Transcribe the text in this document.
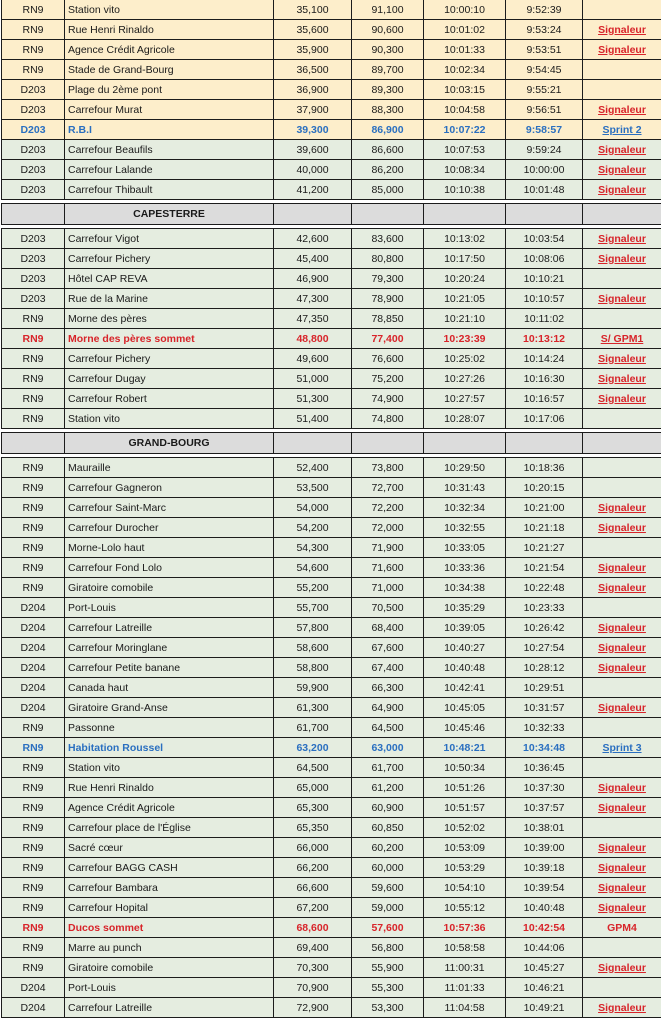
RN9	Station vito	35,100	91,100	10:00:10	9:52:39	
RN9	Rue Henri Rinaldo	35,600	90,600	10:01:02	9:53:24	Signaleur
RN9	Agence Crédit Agricole	35,900	90,300	10:01:33	9:53:51	Signaleur
RN9	Stade de Grand-Bourg	36,500	89,700	10:02:34	9:54:45	
D203	Plage du 2ème pont	36,900	89,300	10:03:15	9:55:21	
D203	Carrefour Murat	37,900	88,300	10:04:58	9:56:51	Signaleur
D203	R.B.I	39,300	86,900	10:07:22	9:58:57	Sprint 2
D203	Carrefour Beaufils	39,600	86,600	10:07:53	9:59:24	Signaleur
D203	Carrefour Lalande	40,000	86,200	10:08:34	10:00:00	Signaleur
D203	Carrefour Thibault	41,200	85,000	10:10:38	10:01:48	Signaleur

	CAPESTERRE					

D203	Carrefour Vigot	42,600	83,600	10:13:02	10:03:54	Signaleur
D203	Carrefour Pichery	45,400	80,800	10:17:50	10:08:06	Signaleur
D203	Hôtel CAP REVA	46,900	79,300	10:20:24	10:10:21	
D203	Rue de la Marine	47,300	78,900	10:21:05	10:10:57	Signaleur
RN9	Morne des pères	47,350	78,850	10:21:10	10:11:02	
RN9	Morne des pères sommet	48,800	77,400	10:23:39	10:13:12	S/ GPM1
RN9	Carrefour Pichery	49,600	76,600	10:25:02	10:14:24	Signaleur
RN9	Carrefour Dugay	51,000	75,200	10:27:26	10:16:30	Signaleur
RN9	Carrefour Robert	51,300	74,900	10:27:57	10:16:57	Signaleur
RN9	Station vito	51,400	74,800	10:28:07	10:17:06	

	GRAND-BOURG					

RN9	Mauraille	52,400	73,800	10:29:50	10:18:36	
RN9	Carrefour Gagneron	53,500	72,700	10:31:43	10:20:15	
RN9	Carrefour Saint-Marc	54,000	72,200	10:32:34	10:21:00	Signaleur
RN9	Carrefour Durocher	54,200	72,000	10:32:55	10:21:18	Signaleur
RN9	Morne-Lolo haut	54,300	71,900	10:33:05	10:21:27	
RN9	Carrefour Fond Lolo	54,600	71,600	10:33:36	10:21:54	Signaleur
RN9	Giratoire comobile	55,200	71,000	10:34:38	10:22:48	Signaleur
D204	Port-Louis	55,700	70,500	10:35:29	10:23:33	
D204	Carrefour Latreille	57,800	68,400	10:39:05	10:26:42	Signaleur
D204	Carrefour Moringlane	58,600	67,600	10:40:27	10:27:54	Signaleur
D204	Carrefour Petite banane	58,800	67,400	10:40:48	10:28:12	Signaleur
D204	Canada haut	59,900	66,300	10:42:41	10:29:51	
D204	Giratoire Grand-Anse	61,300	64,900	10:45:05	10:31:57	Signaleur
RN9	Passonne	61,700	64,500	10:45:46	10:32:33	
RN9	Habitation Roussel	63,200	63,000	10:48:21	10:34:48	Sprint 3
RN9	Station vito	64,500	61,700	10:50:34	10:36:45	
RN9	Rue Henri Rinaldo	65,000	61,200	10:51:26	10:37:30	Signaleur
RN9	Agence Crédit Agricole	65,300	60,900	10:51:57	10:37:57	Signaleur
RN9	Carrefour place de l'Église	65,350	60,850	10:52:02	10:38:01	
RN9	Sacré cœur	66,000	60,200	10:53:09	10:39:00	Signaleur
RN9	Carrefour BAGG CASH	66,200	60,000	10:53:29	10:39:18	Signaleur
RN9	Carrefour Bambara	66,600	59,600	10:54:10	10:39:54	Signaleur
RN9	Carrefour Hopital	67,200	59,000	10:55:12	10:40:48	Signaleur
RN9	Ducos sommet	68,600	57,600	10:57:36	10:42:54	GPM4
RN9	Marre au punch	69,400	56,800	10:58:58	10:44:06	
RN9	Giratoire comobile	70,300	55,900	11:00:31	10:45:27	Signaleur
D204	Port-Louis	70,900	55,300	11:01:33	10:46:21	
D204	Carrefour Latreille	72,900	53,300	11:04:58	10:49:21	Signaleur
